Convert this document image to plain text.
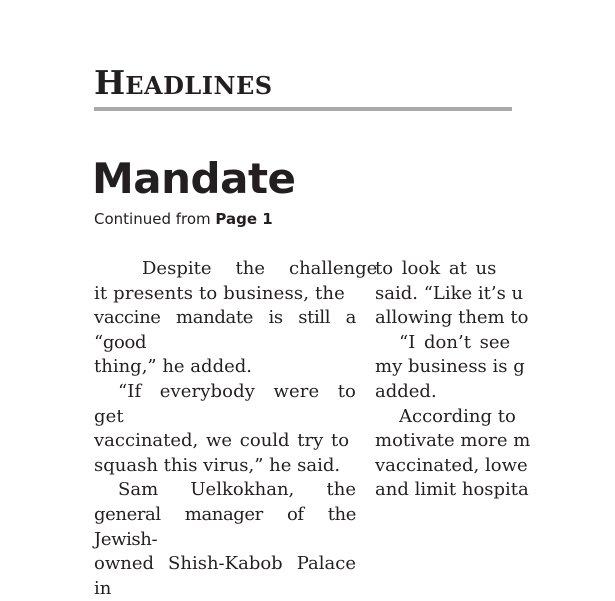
HEADLINES
Mandate
Continued from Page 1

Despite	the	challenge
it presents to business, the
vaccine mandate is still a “good
thing,” he added.

“If everybody were to get
vaccinated, we could try to
squash this virus,” he said.

Sam	Uelkokhan,	the
general manager of the Jewish-
owned Shish-Kabob Palace in

to look at us
said. “Like it’s u
allowing them to

“I don’t see
my business is g
added.

According to
motivate more m
vaccinated, lowe
and limit hospita
